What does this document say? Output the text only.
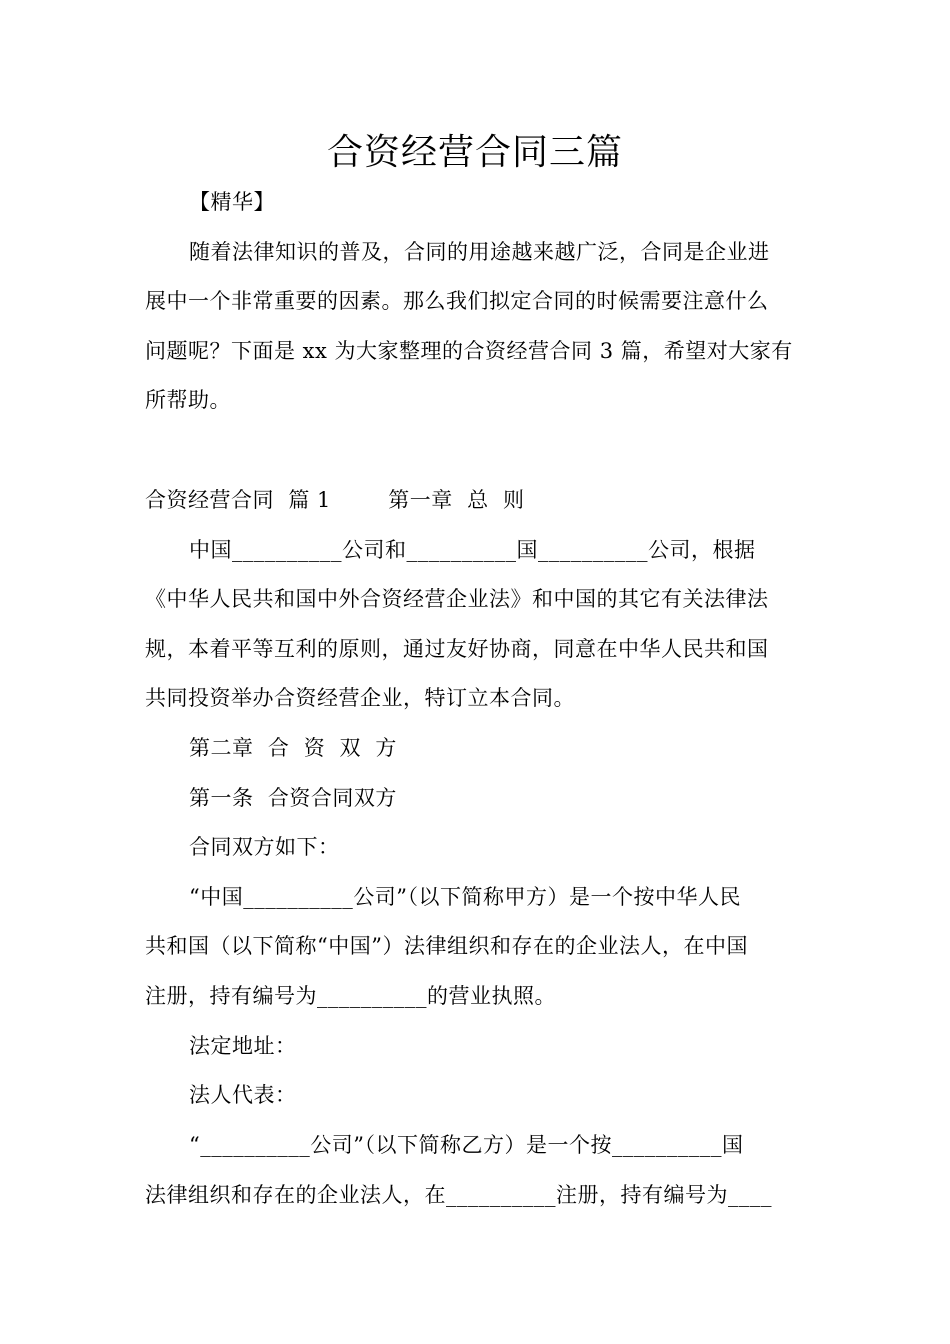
合资经营合同三篇
【精华】
随着法律知识的普及，合同的用途越来越广泛，合同是企业进
展中一个非常重要的因素。那么我们拟定合同的时候需要注意什么
问题呢？下面是 xx 为大家整理的合资经营合同 3 篇，希望对大家有
所帮助。
合资经营合同  篇 1        第一章  总  则
中国__________公司和__________国__________公司，根据
《中华人民共和国中外合资经营企业法》和中国的其它有关法律法
规，本着平等互利的原则，通过友好协商，同意在中华人民共和国
共同投资举办合资经营企业，特订立本合同。
第二章  合  资  双  方
第一条  合资合同双方
合同双方如下：
“中国__________公司”（以下简称甲方）是一个按中华人民
共和国（以下简称“中国”）法律组织和存在的企业法人，在中国
注册，持有编号为__________的营业执照。
法定地址：
法人代表：
“__________公司”（以下简称乙方）是一个按__________国
法律组织和存在的企业法人，在__________注册，持有编号为____
